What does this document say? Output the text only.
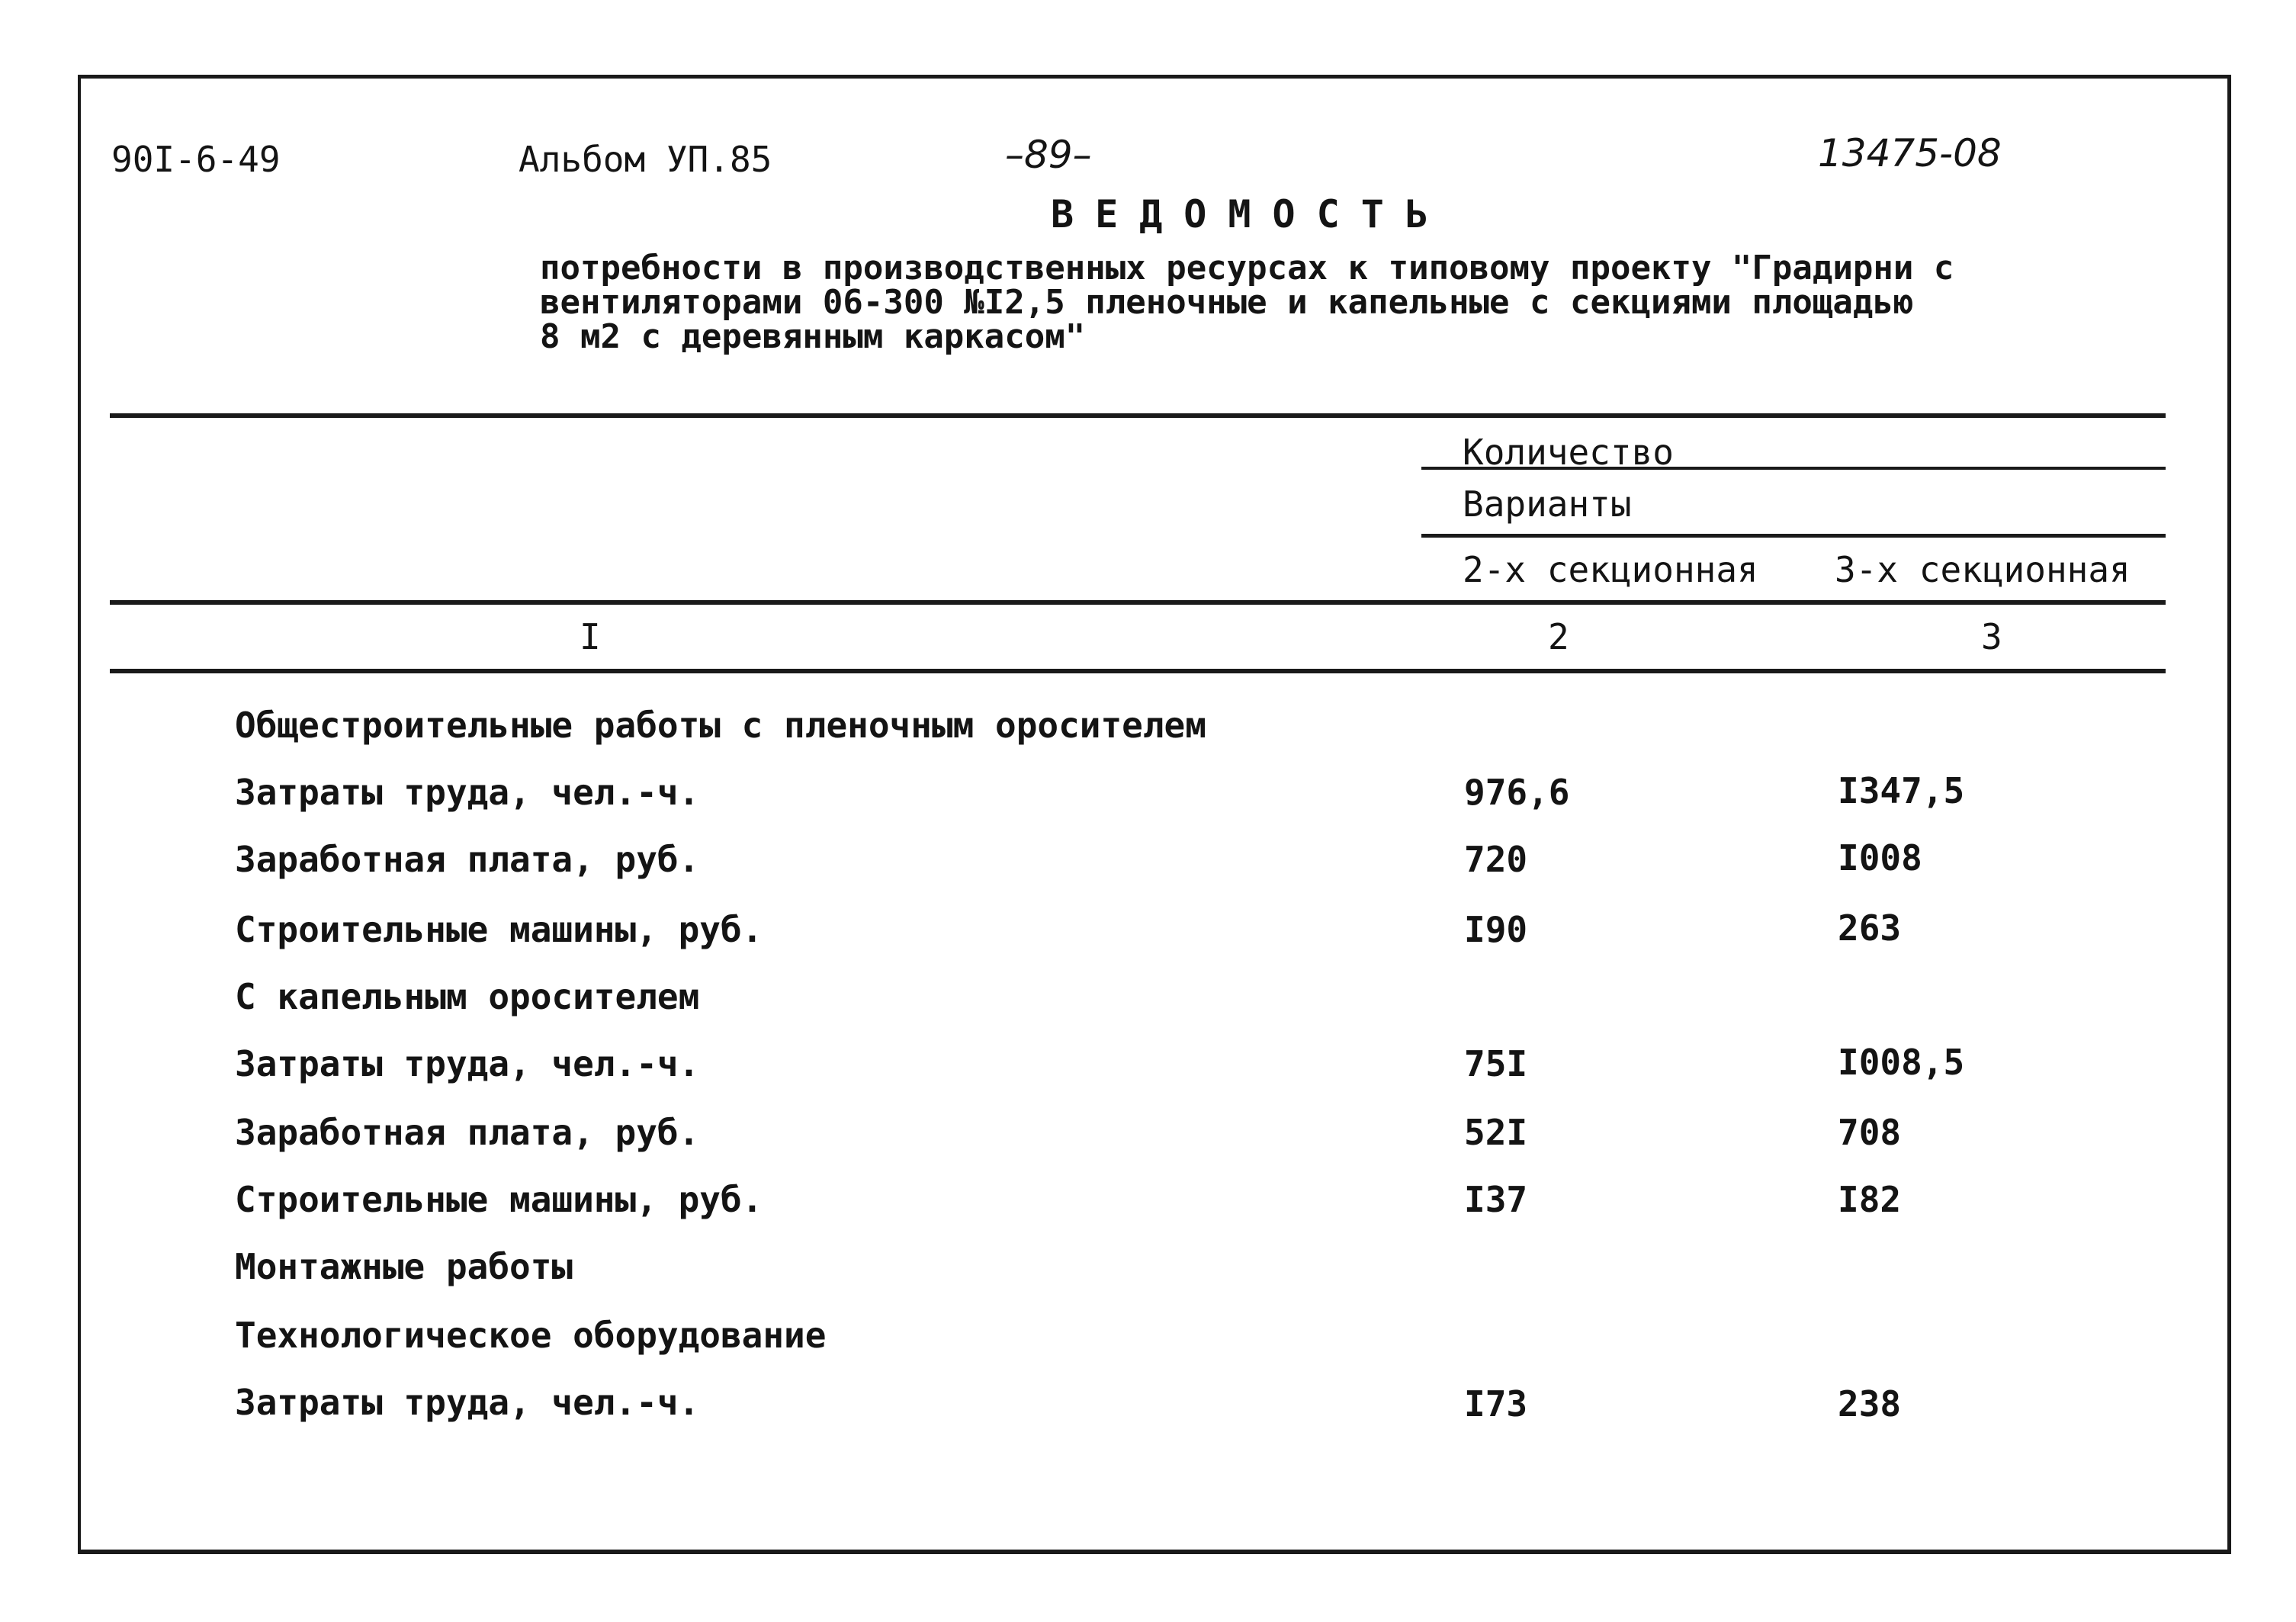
90I-6-49	Альбом УП.85	–89–	13475-08
ВЕДОМОСТЬ
потребности в производственных ресурсах к типовому проекту "Градирни с
вентиляторами 06-300 №I2,5 пленочные и капельные с секциями площадью
8 м2 с деревянным каркасом"
Количество
Варианты
2-х секционная 3-х секционная
I	2	3
Общестроительные работы с пленочным оросителем
Затраты труда, чел.-ч.	976,6	I347,5
Заработная плата, руб.	720	I008
Строительные машины, руб.	I90	263
С капельным оросителем
Затраты труда, чел.-ч.	75I	I008,5
Заработная плата, руб.	52I	708
Строительные машины, руб.	I37	I82
Монтажные работы
Технологическое оборудование
Затраты труда, чел.-ч.	I73	238
